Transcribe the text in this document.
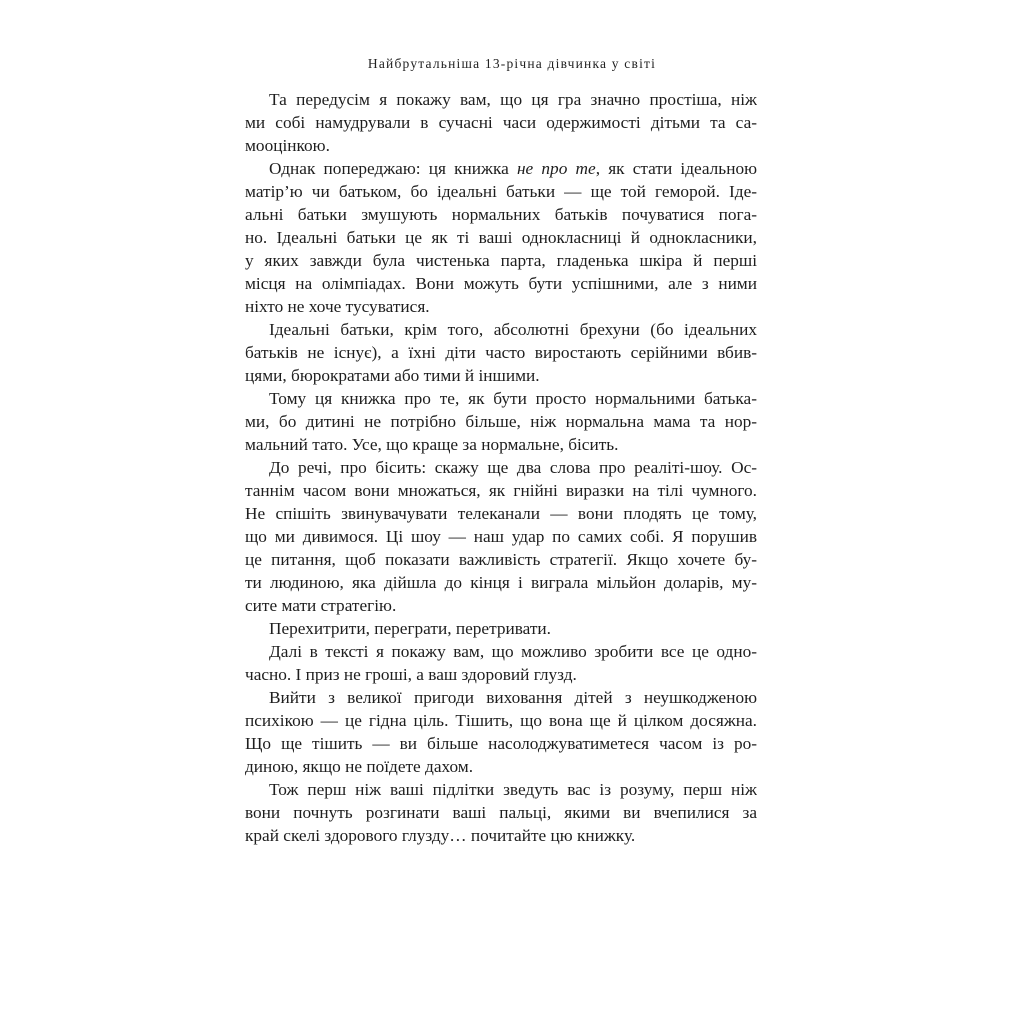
Найбрутальніша 13-річна дівчинка у світі
Та передусім я покажу вам, що ця гра значно простіша, ніж
ми собі намудрували в сучасні часи одержимості дітьми та са-
мооцінкою.
Однак попереджаю: ця книжка не про те, як стати ідеальною
матір’ю чи батьком, бо ідеальні батьки — ще той геморой. Іде-
альні батьки змушують нормальних батьків почуватися пога-
но. Ідеальні батьки це як ті ваші однокласниці й однокласники,
у яких завжди була чистенька парта, гладенька шкіра й перші
місця на олімпіадах. Вони можуть бути успішними, але з ними
ніхто не хоче тусуватися.
Ідеальні батьки, крім того, абсолютні брехуни (бо ідеальних
батьків не існує), а їхні діти часто виростають серійними вбив-
цями, бюрократами або тими й іншими.
Тому ця книжка про те, як бути просто нормальними батька-
ми, бо дитині не потрібно більше, ніж нормальна мама та нор-
мальний тато. Усе, що краще за нормальне, бісить.
До речі, про бісить: скажу ще два слова про реаліті-шоу. Ос-
таннім часом вони множаться, як гнійні виразки на тілі чумного.
Не спішіть звинувачувати телеканали — вони плодять це тому,
що ми дивимося. Ці шоу — наш удар по самих собі. Я порушив
це питання, щоб показати важливість стратегії. Якщо хочете бу-
ти людиною, яка дійшла до кінця і виграла мільйон доларів, му-
сите мати стратегію.
Перехитрити, переграти, перетривати.
Далі в тексті я покажу вам, що можливо зробити все це одно-
часно. І приз не гроші, а ваш здоровий глузд.
Вийти з великої пригоди виховання дітей з неушкодженою
психікою — це гідна ціль. Тішить, що вона ще й цілком досяжна.
Що ще тішить — ви більше насолоджуватиметеся часом із ро-
диною, якщо не поїдете дахом.
Тож перш ніж ваші підлітки зведуть вас із розуму, перш ніж
вони почнуть розгинати ваші пальці, якими ви вчепилися за
край скелі здорового глузду… почитайте цю книжку.
